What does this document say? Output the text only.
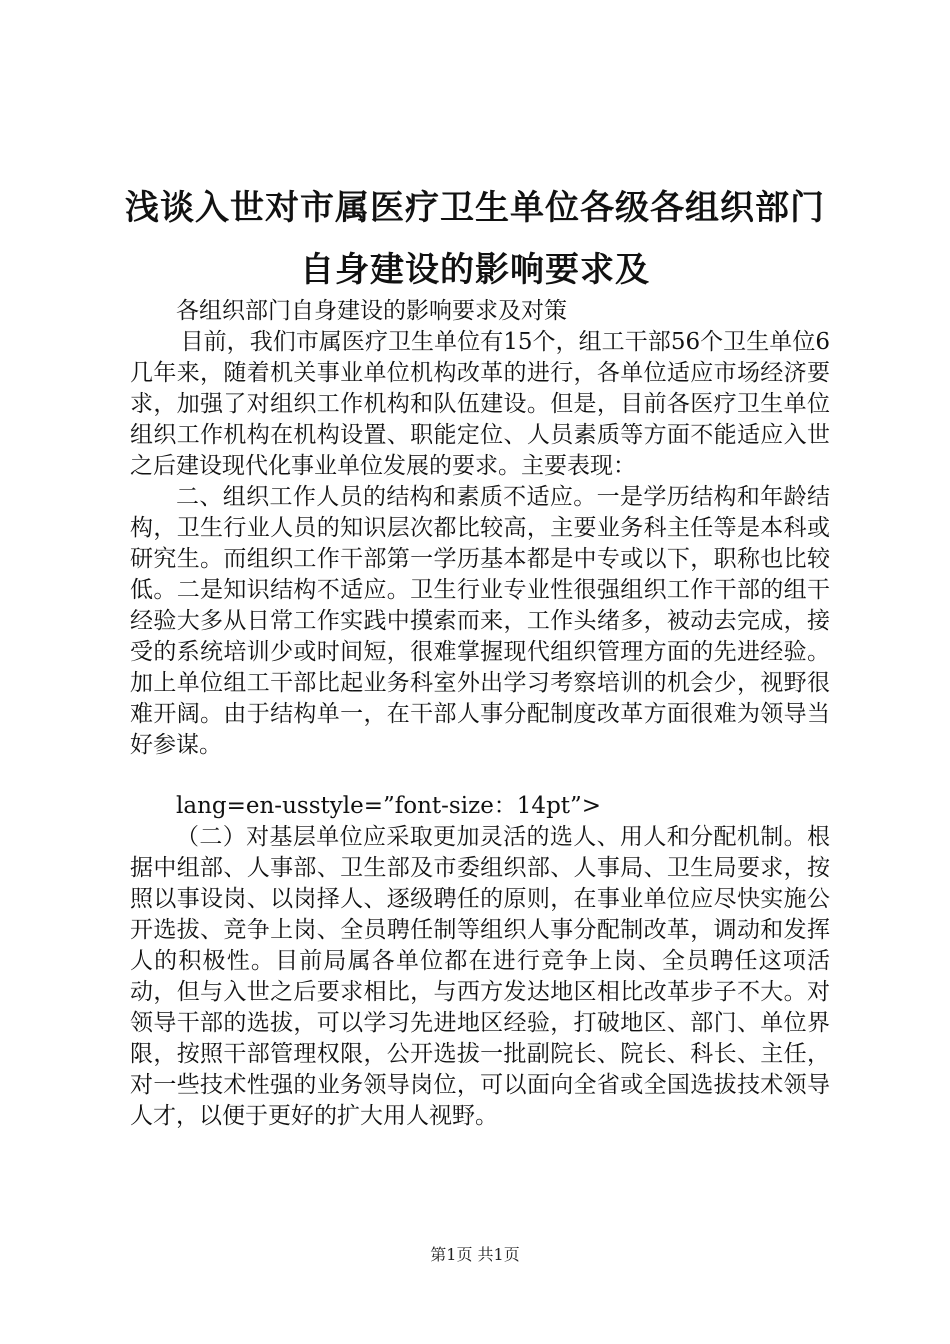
浅谈入世对市属医疗卫生单位各级各组织部门
自身建设的影响要求及

各组织部门自身建设的影响要求及对策

目前，我们市属医疗卫生单位有15个，组工干部56个卫生单位6几年来，随着机关事业单位机构改革的进行，各单位适应市场经济要求，加强了对组织工作机构和队伍建设。但是，目前各医疗卫生单位组织工作机构在机构设置、职能定位、人员素质等方面不能适应入世之后建设现代化事业单位发展的要求。主要表现：

二、组织工作人员的结构和素质不适应。一是学历结构和年龄结构，卫生行业人员的知识层次都比较高，主要业务科主任等是本科或研究生。而组织工作干部第一学历基本都是中专或以下，职称也比较低。二是知识结构不适应。卫生行业专业性很强组织工作干部的组干经验大多从日常工作实践中摸索而来，工作头绪多，被动去完成，接受的系统培训少或时间短，很难掌握现代组织管理方面的先进经验。加上单位组工干部比起业务科室外出学习考察培训的机会少，视野很难开阔。由于结构单一，在干部人事分配制度改革方面很难为领导当好参谋。

lang=en-usstyle=”font-size：14pt”>

（二）对基层单位应采取更加灵活的选人、用人和分配机制。根据中组部、人事部、卫生部及市委组织部、人事局、卫生局要求，按照以事设岗、以岗择人、逐级聘任的原则，在事业单位应尽快实施公开选拔、竞争上岗、全员聘任制等组织人事分配制改革，调动和发挥人的积极性。目前局属各单位都在进行竞争上岗、全员聘任这项活动，但与入世之后要求相比，与西方发达地区相比改革步子不大。对领导干部的选拔，可以学习先进地区经验，打破地区、部门、单位界限，按照干部管理权限，公开选拔一批副院长、院长、科长、主任，对一些技术性强的业务领导岗位，可以面向全省或全国选拔技术领导人才，以便于更好的扩大用人视野。

第1页 共1页
